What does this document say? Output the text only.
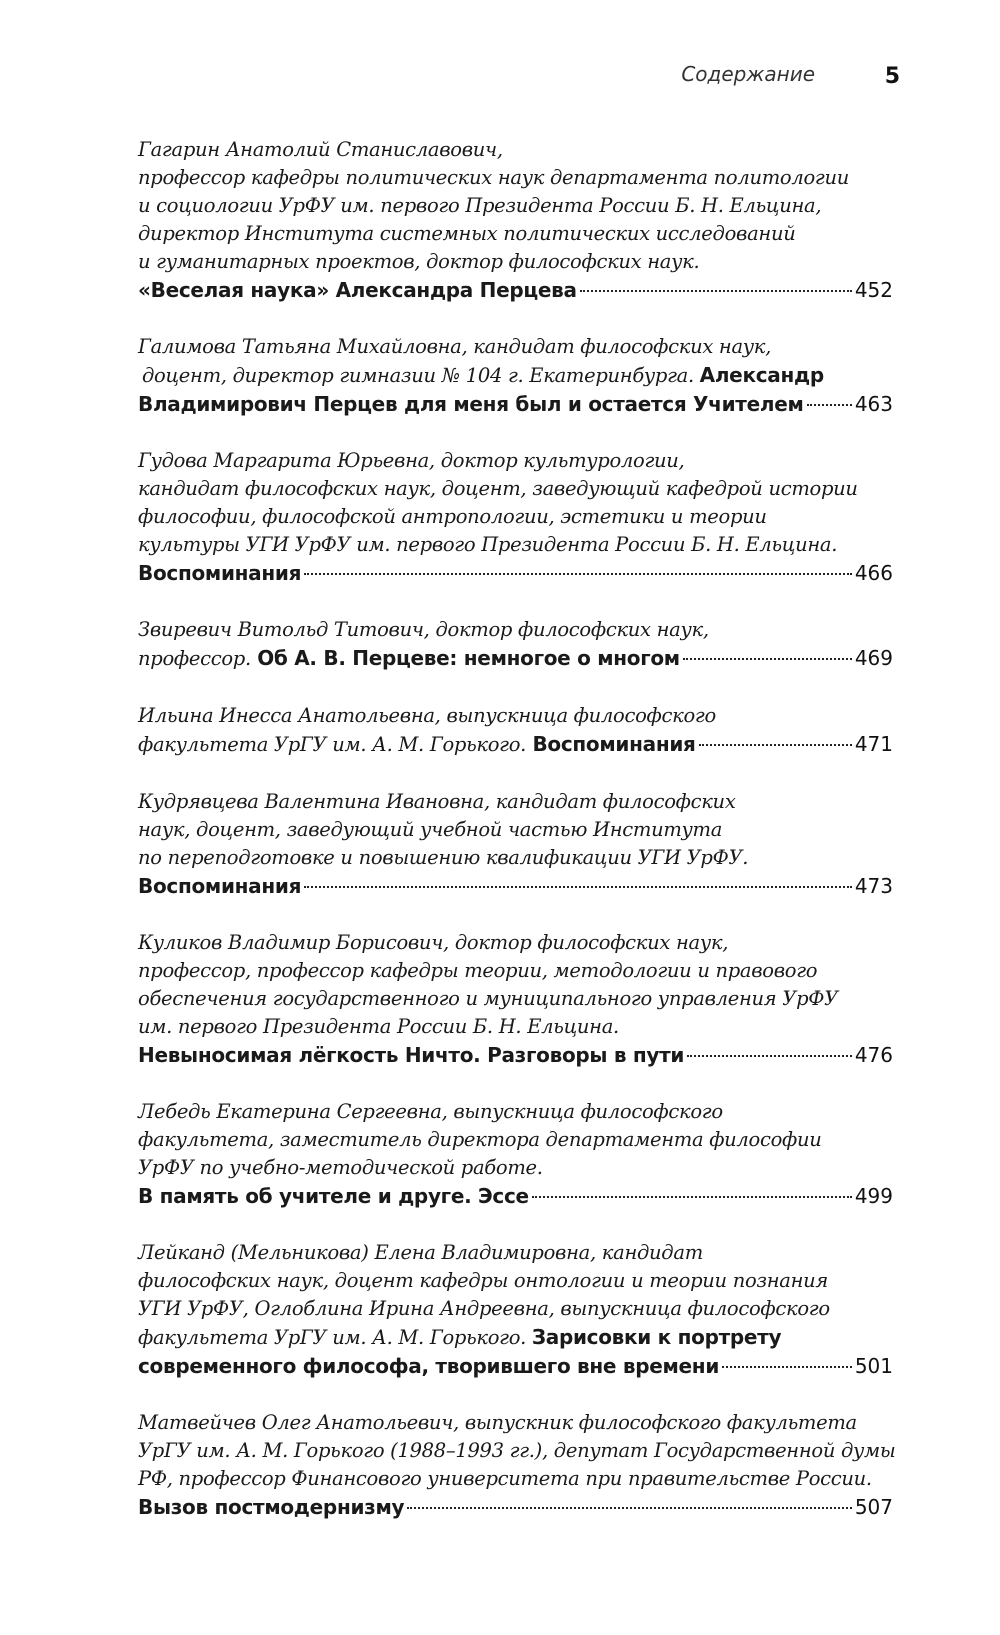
Содержание	5
Гагарин Анатолий Станиславович,
профессор кафедры политических наук департамента политологии
и социологии УрФУ им. первого Президента России Б. Н. Ельцина,
директор Института системных политических исследований
и гуманитарных проектов, доктор философских наук.
«Веселая наука» Александра Перцева	452
Галимова Татьяна Михайловна, кандидат философских наук,
доцент, директор гимназии № 104 г. Екатеринбурга. Александр
Владимирович Перцев для меня был и остается Учителем	463
Гудова Маргарита Юрьевна, доктор культурологии,
кандидат философских наук, доцент, заведующий кафедрой истории
философии, философской антропологии, эстетики и теории
культуры УГИ УрФУ им. первого Президента России Б. Н. Ельцина.
Воспоминания	466
Звиревич Витольд Титович, доктор философских наук,
профессор. Об А. В. Перцеве: немногое о многом	469
Ильина Инесса Анатольевна, выпускница философского
факультета УрГУ им. А. М. Горького. Воспоминания	471
Кудрявцева Валентина Ивановна, кандидат философских
наук, доцент, заведующий учебной частью Института
по переподготовке и повышению квалификации УГИ УрФУ.
Воспоминания	473
Куликов Владимир Борисович, доктор философских наук,
профессор, профессор кафедры теории, методологии и правового
обеспечения государственного и муниципального управления УрФУ
им. первого Президента России Б. Н. Ельцина.
Невыносимая лёгкость Ничто. Разговоры в пути	476
Лебедь Екатерина Сергеевна, выпускница философского
факультета, заместитель директора департамента философии
УрФУ по учебно-методической работе.
В память об учителе и друге. Эссе	499
Лейканд (Мельникова) Елена Владимировна, кандидат
философских наук, доцент кафедры онтологии и теории познания
УГИ УрФУ, Оглоблина Ирина Андреевна, выпускница философского
факультета УрГУ им. А. М. Горького. Зарисовки к портрету
современного философа, творившего вне времени	501
Матвейчев Олег Анатольевич, выпускник философского факультета
УрГУ им. А. М. Горького (1988–1993 гг.), депутат Государственной думы
РФ, профессор Финансового университета при правительстве России.
Вызов постмодернизму	507
